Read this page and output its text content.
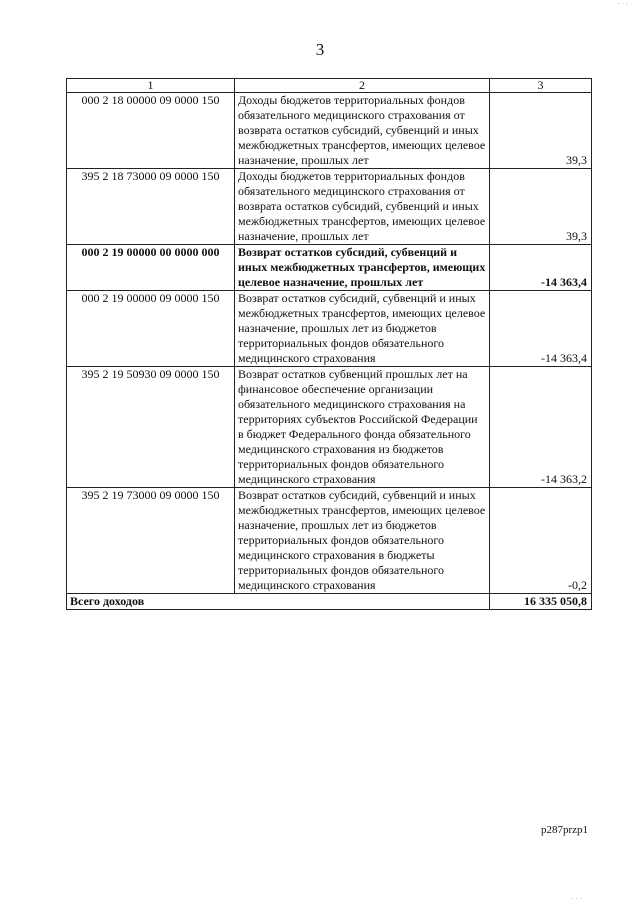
· · ·
3
1	2	3
000 2 18 00000 09 0000 150	Доходы бюджетов территориальных фондов обязательного медицинского страхования от возврата остатков субсидий, субвенций и иных межбюджетных трансфертов, имеющих целевое назначение, прошлых лет	39,3
395 2 18 73000 09 0000 150	Доходы бюджетов территориальных фондов обязательного медицинского страхования от возврата остатков субсидий, субвенций и иных межбюджетных трансфертов, имеющих целевое назначение, прошлых лет	39,3
000 2 19 00000 00 0000 000	Возврат остатков субсидий, субвенций и иных межбюджетных трансфертов, имеющих целевое назначение, прошлых лет	-14 363,4
000 2 19 00000 09 0000 150	Возврат остатков субсидий, субвенций и иных межбюджетных трансфертов, имеющих целевое назначение, прошлых лет из бюджетов территориальных фондов обязательного медицинского страхования	-14 363,4
395 2 19 50930 09 0000 150	Возврат остатков субвенций прошлых лет на финансовое обеспечение организации обязательного медицинского страхования на территориях субъектов Российской Федерации в бюджет Федерального фонда обязательного медицинского страхования из бюджетов территориальных фондов обязательного медицинского страхования	-14 363,2
395 2 19 73000 09 0000 150	Возврат остатков субсидий, субвенций и иных межбюджетных трансфертов, имеющих целевое назначение, прошлых лет из бюджетов территориальных фондов обязательного медицинского страхования в бюджеты территориальных фондов обязательного медицинского страхования	-0,2
Всего доходов		16 335 050,8
p287przp1
· · ·
